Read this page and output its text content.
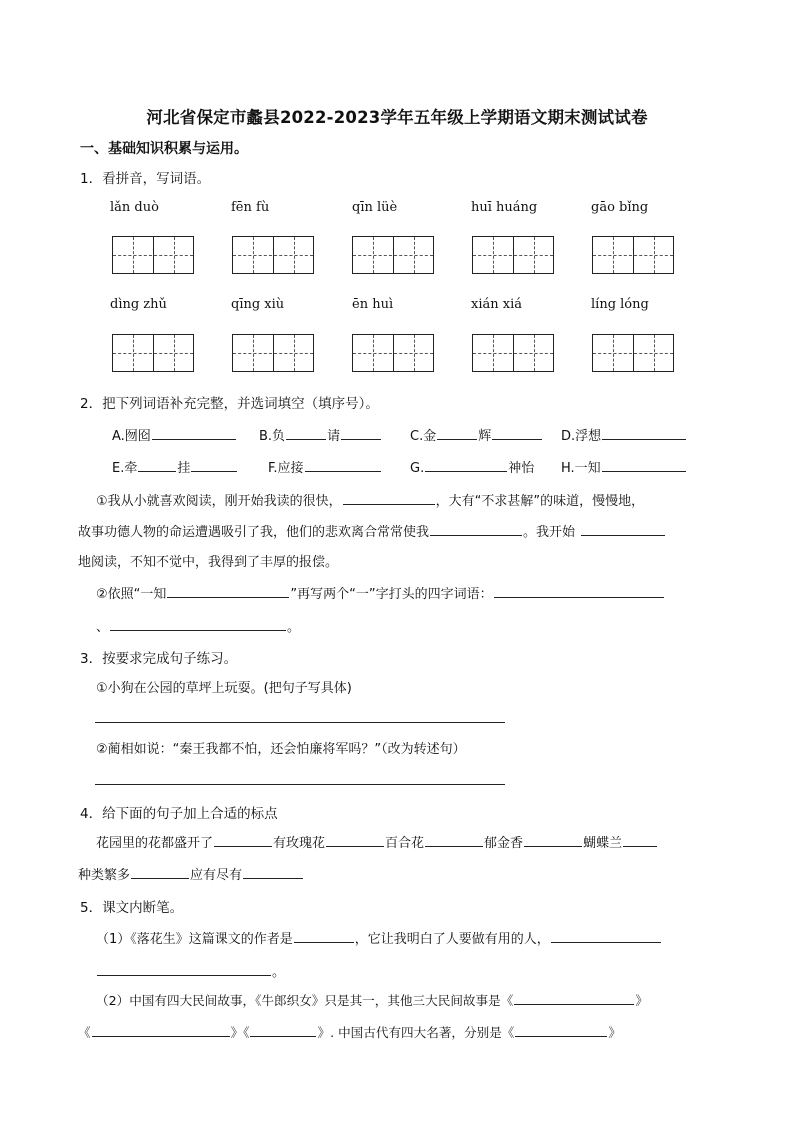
河北省保定市蠡县2022-2023学年五年级上学期语文期末测试试卷
一、基础知识积累与运用。
1．看拼音，写词语。
lǎn duò	fēn fù	qīn lüè	huī huáng	gāo bǐng
dìng zhǔ	qīng xiù	ēn huì	xián xiá	líng lóng
2．把下列词语补充完整，并选词填空（填序号）。
A.囫囵	B.负	请	C.金	辉	D.浮想
E.牵	挂	F.应接	G.	神怡 H.一知
①我从小就喜欢阅读，刚开始我读的很快，	，大有“不求甚解”的味道，慢慢地，
故事功德人物的命运遭遇吸引了我，他们的悲欢离合常常使我	。我开始
地阅读，不知不觉中，我得到了丰厚的报偿。
②依照“一知	”再写两个“一”字打头的四字词语：
、	。
3．按要求完成句子练习。
①小狗在公园的草坪上玩耍。(把句子写具体)
②蔺相如说：“秦王我都不怕，还会怕廉将军吗？”（改为转述句）
4．给下面的句子加上合适的标点
花园里的花都盛开了	有玫瑰花	百合花	郁金香	蝴蝶兰
种类繁多	应有尽有
5．课文内断笔。
（1）《落花生》这篇课文的作者是	，它让我明白了人要做有用的人，
。
（2）中国有四大民间故事，《牛郎织女》只是其一，其他三大民间故事是《	》
《	》《	》. 中国古代有四大名著，分别是《	》
